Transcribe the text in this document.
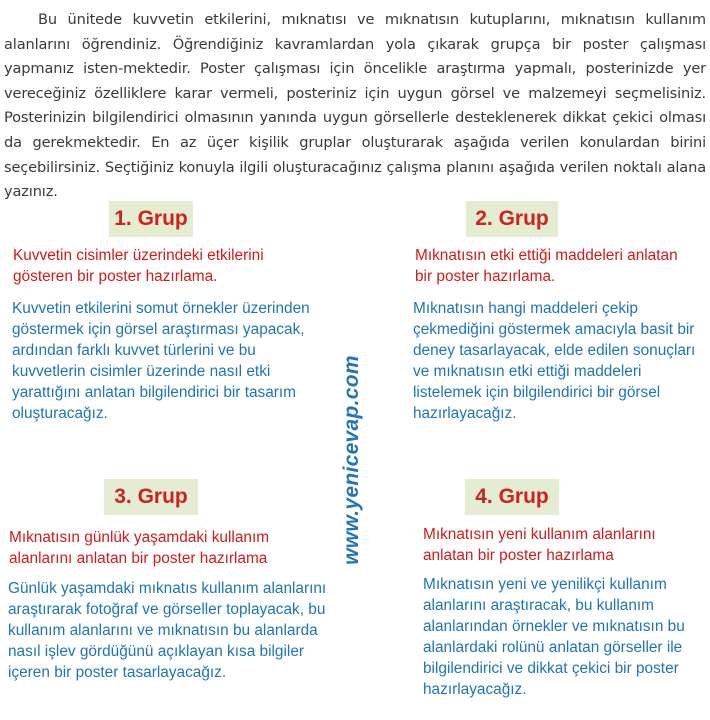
Bu ünitede kuvvetin etkilerini, mıknatısı ve mıknatısın kutuplarını, mıknatısın kullanım alanlarını öğrendiniz. Öğrendiğiniz kavramlardan yola çıkarak grupça bir poster çalışması yapmanız isten-mektedir. Poster çalışması için öncelikle araştırma yapmalı, posterinizde yer vereceğiniz özelliklere karar vermeli, posteriniz için uygun görsel ve malzemeyi seçmelisiniz. Posterinizin bilgilendirici olmasının yanında uygun görsellerle desteklenerek dikkat çekici olması da gerekmektedir. En az üçer kişilik gruplar oluşturarak aşağıda verilen konulardan birini seçebilirsiniz. Seçtiğiniz konuyla ilgili oluşturacağınız çalışma planını aşağıda verilen noktalı alana yazınız.

1. Grup

Kuvvetin cisimler üzerindeki etkilerini gösteren bir poster hazırlama.

Kuvvetin etkilerini somut örnekler üzerinden göstermek için görsel araştırması yapacak, ardından farklı kuvvet türlerini ve bu kuvvetlerin cisimler üzerinde nasıl etki yarattığını anlatan bilgilendirici bir tasarım oluşturacağız.

2. Grup

Mıknatısın etki ettiği maddeleri anlatan bir poster hazırlama.

Mıknatısın hangi maddeleri çekip çekmediğini göstermek amacıyla basit bir deney tasarlayacak, elde edilen sonuçları ve mıknatısın etki ettiği maddeleri listelemek için bilgilendirici bir görsel hazırlayacağız.

www.yenicevap.com
3. Grup

Mıknatısın günlük yaşamdaki kullanım alanlarını anlatan bir poster hazırlama

Günlük yaşamdaki mıknatıs kullanım alanlarını araştırarak fotoğraf ve görseller toplayacak, bu kullanım alanlarını ve mıknatısın bu alanlarda nasıl işlev gördüğünü açıklayan kısa bilgiler içeren bir poster tasarlayacağız.

4. Grup

Mıknatısın yeni kullanım alanlarını anlatan bir poster hazırlama

Mıknatısın yeni ve yenilikçi kullanım alanlarını araştıracak, bu kullanım alanlarından örnekler ve mıknatısın bu alanlardaki rolünü anlatan görseller ile bilgilendirici ve dikkat çekici bir poster hazırlayacağız.
